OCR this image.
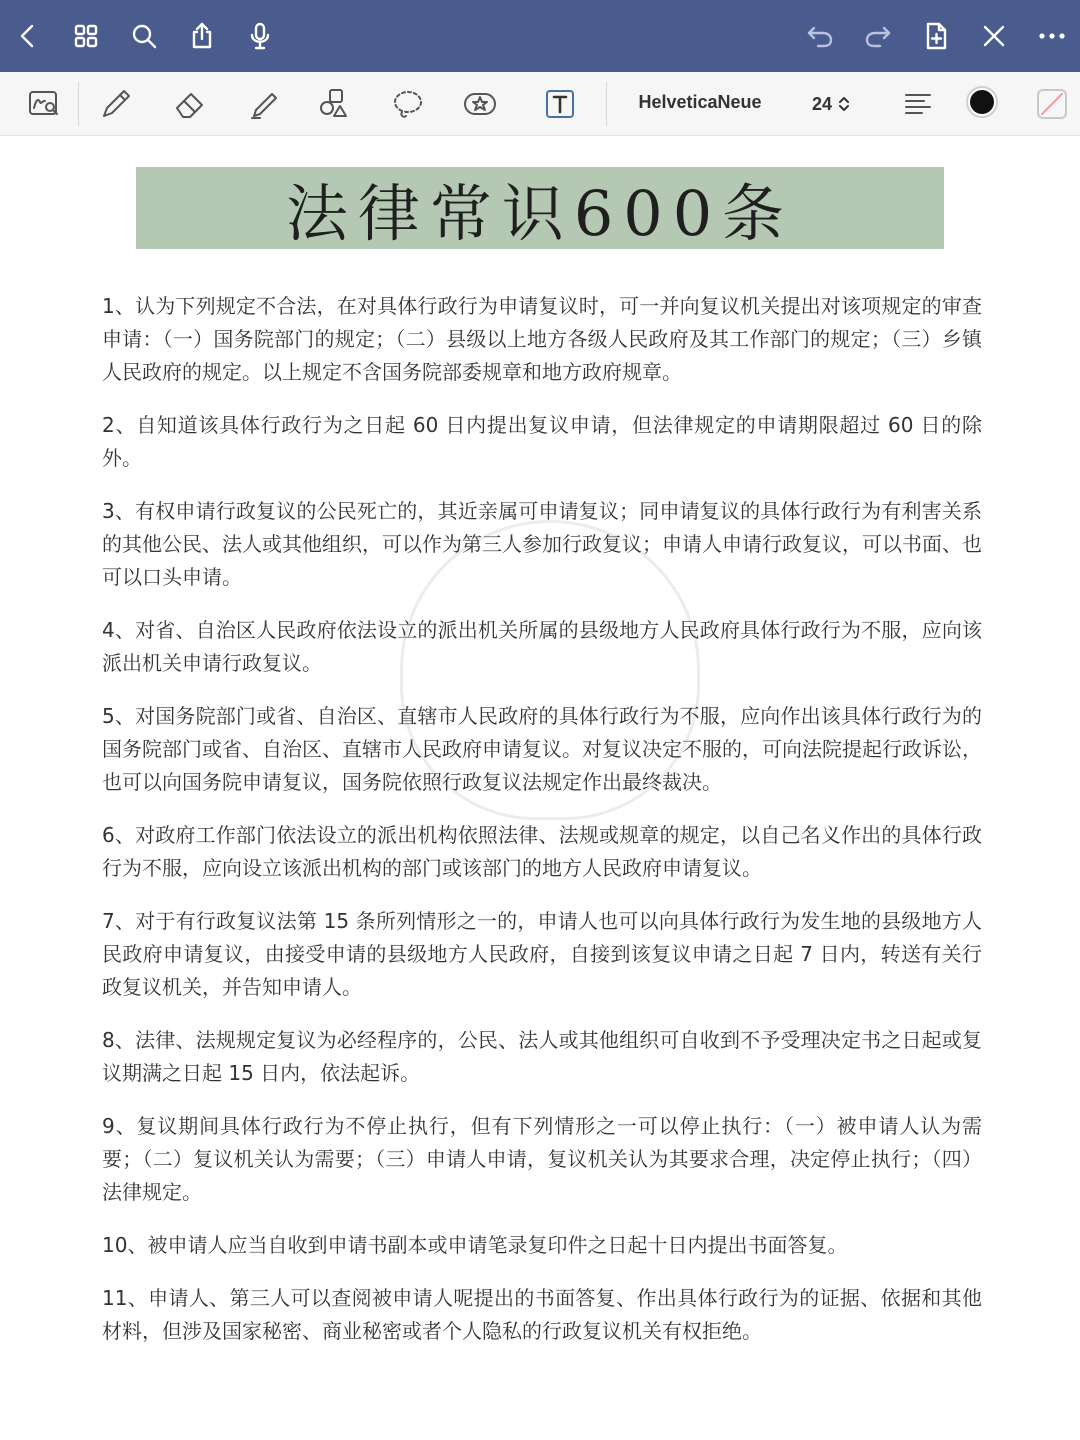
HelveticaNeue	24
法律常识600条

1、认为下列规定不合法，在对具体行政行为申请复议时，可一并向复议机关提出对该项规定的审查申请：（一）国务院部门的规定；（二）县级以上地方各级人民政府及其工作部门的规定；（三）乡镇人民政府的规定。以上规定不含国务院部委规章和地方政府规章。

2、自知道该具体行政行为之日起 60 日内提出复议申请，但法律规定的申请期限超过 60 日的除外。

3、有权申请行政复议的公民死亡的，其近亲属可申请复议；同申请复议的具体行政行为有利害关系的其他公民、法人或其他组织，可以作为第三人参加行政复议；申请人申请行政复议，可以书面、也可以口头申请。

4、对省、自治区人民政府依法设立的派出机关所属的县级地方人民政府具体行政行为不服，应向该派出机关申请行政复议。

5、对国务院部门或省、自治区、直辖市人民政府的具体行政行为不服，应向作出该具体行政行为的国务院部门或省、自治区、直辖市人民政府申请复议。对复议决定不服的，可向法院提起行政诉讼，也可以向国务院申请复议，国务院依照行政复议法规定作出最终裁决。

6、对政府工作部门依法设立的派出机构依照法律、法规或规章的规定，以自己名义作出的具体行政行为不服，应向设立该派出机构的部门或该部门的地方人民政府申请复议。

7、对于有行政复议法第 15 条所列情形之一的，申请人也可以向具体行政行为发生地的县级地方人民政府申请复议，由接受申请的县级地方人民政府，自接到该复议申请之日起 7 日内，转送有关行政复议机关，并告知申请人。

8、法律、法规规定复议为必经程序的，公民、法人或其他组织可自收到不予受理决定书之日起或复议期满之日起 15 日内，依法起诉。

9、复议期间具体行政行为不停止执行，但有下列情形之一可以停止执行：（一）被申请人认为需要；（二）复议机关认为需要；（三）申请人申请，复议机关认为其要求合理，决定停止执行；（四）法律规定。

10、被申请人应当自收到申请书副本或申请笔录复印件之日起十日内提出书面答复。

11、申请人、第三人可以查阅被申请人呢提出的书面答复、作出具体行政行为的证据、依据和其他材料，但涉及国家秘密、商业秘密或者个人隐私的行政复议机关有权拒绝。
